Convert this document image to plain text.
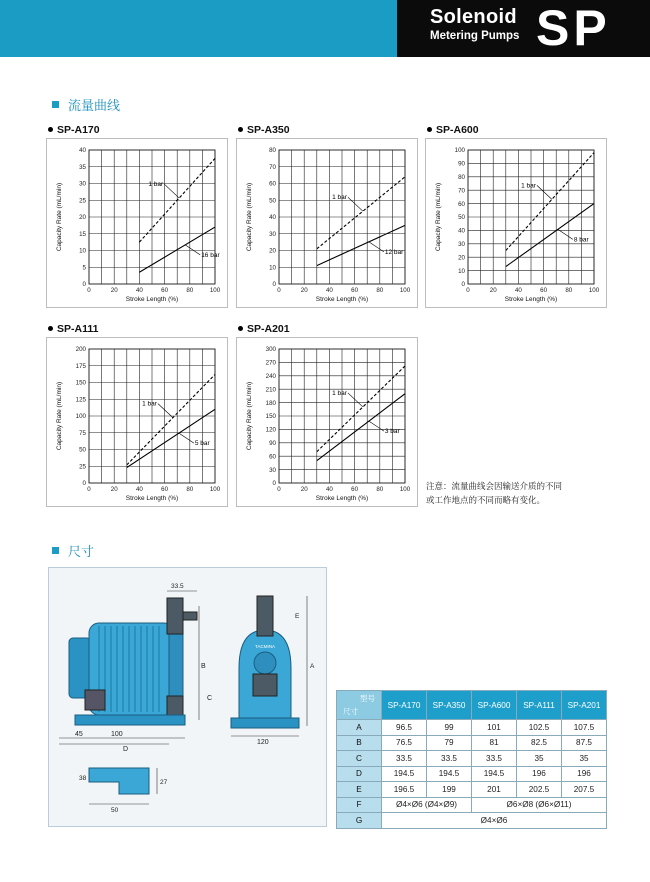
Solenoid
Metering Pumps SP
流量曲线
SP-A170	SP-A350	SP-A600
SP-A111	SP-A201
0
5
10
15
20
25
30
35
40
0	20	40	60	80	100
Stroke Length (%)
Capacity Rate (mL/min)	1 bar
16 bar
0
10
20
30
40
50
60
70
80
0	20	40	60	80	100
Stroke Length (%)
Capacity Rate (mL/min)	1 bar
12 bar
0
10
20
30
40
50
60
70
80
90
100
0	20	40	60	80	100
Stroke Length (%)
Capacity Rate (mL/min)	1 bar
8 bar
0
25
50
75
100
125
150
175
200
0	20	40	60	80	100
Stroke Length (%)
Capacity Rate (mL/min)	1 bar
5 bar
0
30
60
90
120
150
180
210
240
270
300
0	20	40	60	80	100
Stroke Length (%)
Capacity Rate (mL/min)	1 bar
3 bar
注意：流量曲线会因输送介质的不同
或工作地点的不同而略有变化。
尺寸
100
D
45
33.5
B
C
TACMINA
A
E
120
27
50
38
型号
尺寸	SP-A170	SP-A350	SP-A600	SP-A111	SP-A201
A	96.5	99	101	102.5	107.5
B	76.5	79	81	82.5	87.5
C	33.5	33.5	33.5	35	35
D	194.5	194.5	194.5	196	196
E	196.5	199	201	202.5	207.5
F	Ø4×Ø6 (Ø4×Ø9)		Ø6×Ø8 (Ø6×Ø11)		
G	Ø4×Ø6				
